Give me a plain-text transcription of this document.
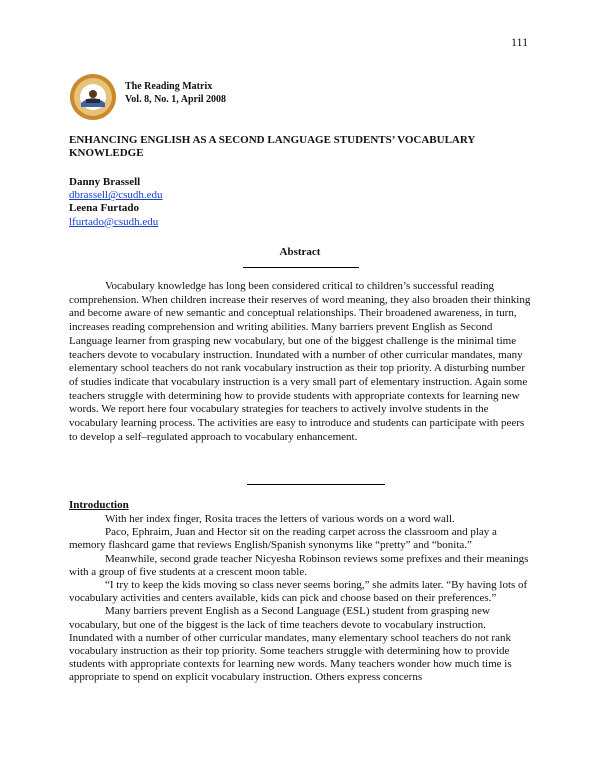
111
The Reading Matrix
Vol. 8, No. 1, April 2008
ENHANCING ENGLISH AS A SECOND LANGUAGE STUDENTS’ VOCABULARY KNOWLEDGE
Danny Brassell
dbrassell@csudh.edu
Leena Furtado
lfurtado@csudh.edu
Abstract

Vocabulary knowledge has long been considered critical to children’s successful reading comprehension. When children increase their reserves of word meaning, they also broaden their thinking and become aware of new semantic and conceptual relationships. Their broadened awareness, in turn, increases reading comprehension and writing abilities. Many barriers prevent English as Second Language learner from grasping new vocabulary, but one of the biggest challenge is the minimal time teachers devote to vocabulary instruction. Inundated with a number of other curricular mandates, many elementary school teachers do not rank vocabulary instruction as their top priority. A disturbing number of studies indicate that vocabulary instruction is a very small part of elementary instruction. Again some teachers struggle with determining how to provide students with appropriate contexts for learning new words. We report here four vocabulary strategies for teachers to actively involve students in the vocabulary learning process. The activities are easy to introduce and students can participate with peers to develop a self–regulated approach to vocabulary enhancement.

Introduction

With her index finger, Rosita traces the letters of various words on a word wall.

Paco, Ephraim, Juan and Hector sit on the reading carpet across the classroom and play a memory flashcard game that reviews English/Spanish synonyms like “pretty” and “bonita.”

Meanwhile, second grade teacher Nicyesha Robinson reviews some prefixes and their meanings with a group of five students at a crescent moon table.

“I try to keep the kids moving so class never seems boring,” she admits later. “By having lots of vocabulary activities and centers available, kids can pick and choose based on their preferences.”

Many barriers prevent English as a Second Language (ESL) student from grasping new vocabulary, but one of the biggest is the lack of time teachers devote to vocabulary instruction. Inundated with a number of other curricular mandates, many elementary school teachers do not rank vocabulary instruction as their top priority. Some teachers struggle with determining how to provide students with appropriate contexts for learning new words. Many teachers wonder how much time is appropriate to spend on explicit vocabulary instruction. Others express concerns
